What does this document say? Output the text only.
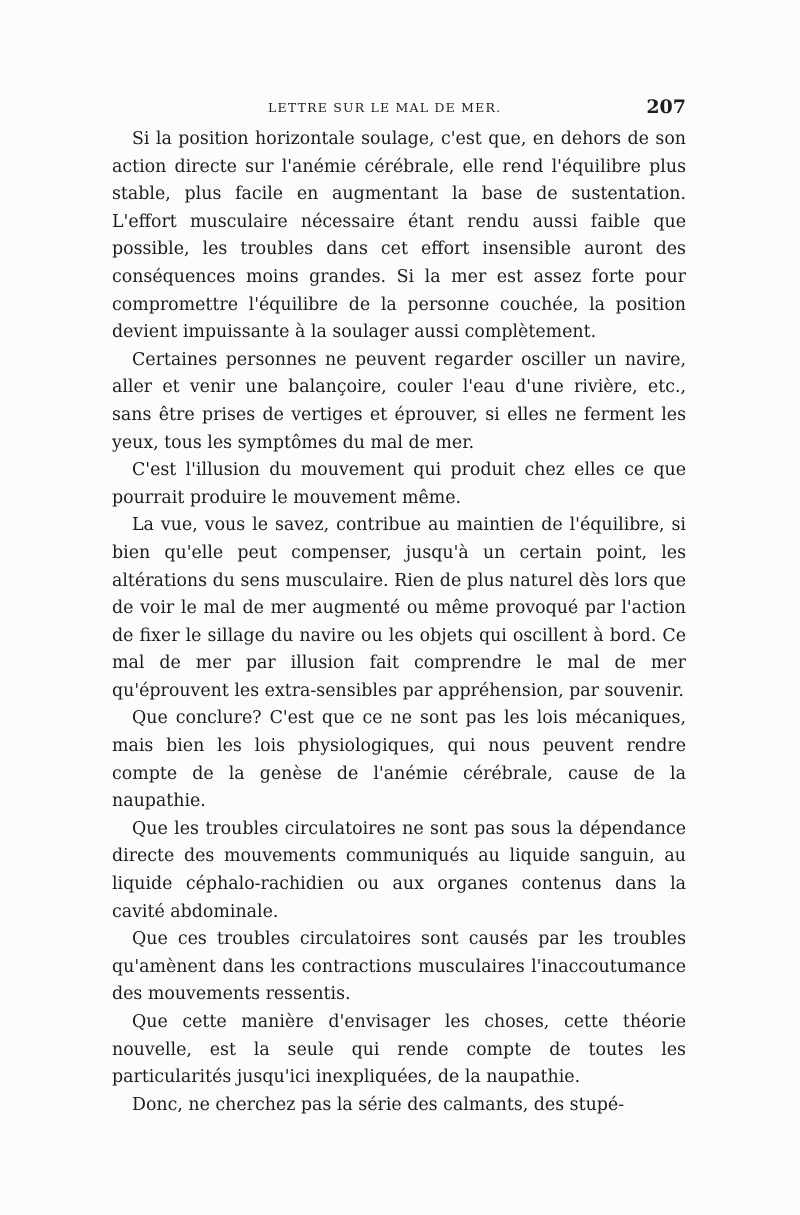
LETTRE SUR LE MAL DE MER.	207

Si la position horizontale soulage, c'est que, en dehors de son action directe sur l'anémie cérébrale, elle rend l'équilibre plus stable, plus facile en augmentant la base de sustentation. L'effort musculaire nécessaire étant rendu aussi faible que possible, les troubles dans cet effort insensible auront des conséquences moins grandes. Si la mer est assez forte pour compromettre l'équilibre de la personne couchée, la position devient impuissante à la soulager aussi complètement.

Certaines personnes ne peuvent regarder osciller un navire, aller et venir une balançoire, couler l'eau d'une rivière, etc., sans être prises de vertiges et éprouver, si elles ne ferment les yeux, tous les symptômes du mal de mer.

C'est l'illusion du mouvement qui produit chez elles ce que pourrait produire le mouvement même.

La vue, vous le savez, contribue au maintien de l'équilibre, si bien qu'elle peut compenser, jusqu'à un certain point, les altérations du sens musculaire. Rien de plus naturel dès lors que de voir le mal de mer augmenté ou même provoqué par l'action de fixer le sillage du navire ou les objets qui oscillent à bord. Ce mal de mer par illusion fait comprendre le mal de mer qu'éprouvent les extra-sensibles par appréhension, par souvenir.

Que conclure? C'est que ce ne sont pas les lois mécaniques, mais bien les lois physiologiques, qui nous peuvent rendre compte de la genèse de l'anémie cérébrale, cause de la naupathie.

Que les troubles circulatoires ne sont pas sous la dépendance directe des mouvements communiqués au liquide sanguin, au liquide céphalo-rachidien ou aux organes contenus dans la cavité abdominale.

Que ces troubles circulatoires sont causés par les troubles qu'amènent dans les contractions musculaires l'inaccoutumance des mouvements ressentis.

Que cette manière d'envisager les choses, cette théorie nouvelle, est la seule qui rende compte de toutes les particularités jusqu'ici inexpliquées, de la naupathie.

Donc, ne cherchez pas la série des calmants, des stupé-
